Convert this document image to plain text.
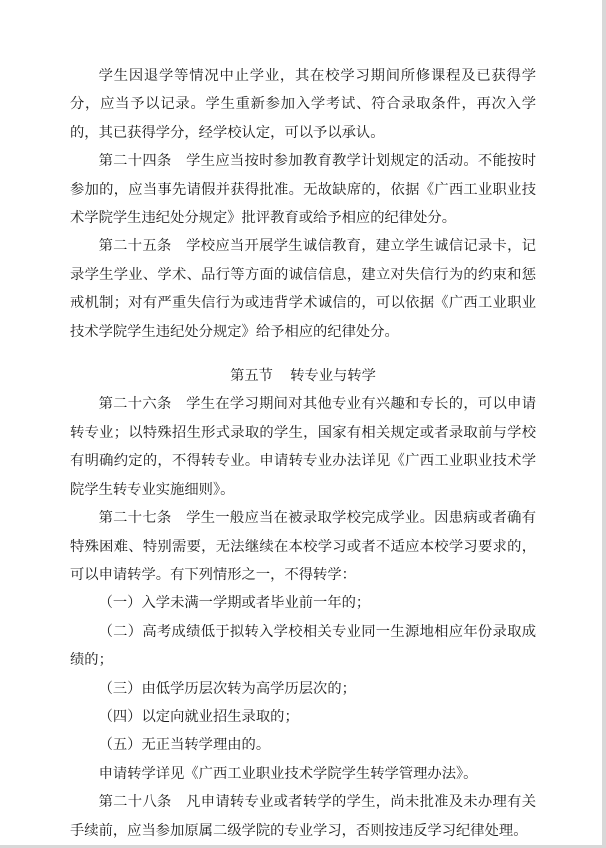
学生因退学等情况中止学业，其在校学习期间所修课程及已获得学分，应当予以记录。学生重新参加入学考试、符合录取条件，再次入学的，其已获得学分，经学校认定，可以予以承认。

第二十四条　学生应当按时参加教育教学计划规定的活动。不能按时参加的，应当事先请假并获得批准。无故缺席的，依据《广西工业职业技术学院学生违纪处分规定》批评教育或给予相应的纪律处分。

第二十五条　学校应当开展学生诚信教育，建立学生诚信记录卡，记录学生学业、学术、品行等方面的诚信信息，建立对失信行为的约束和惩戒机制；对有严重失信行为或违背学术诚信的，可以依据《广西工业职业技术学院学生违纪处分规定》给予相应的纪律处分。

第五节 转专业与转学

第二十六条　学生在学习期间对其他专业有兴趣和专长的，可以申请转专业；以特殊招生形式录取的学生，国家有相关规定或者录取前与学校有明确约定的，不得转专业。申请转专业办法详见《广西工业职业技术学院学生转专业实施细则》。

第二十七条　学生一般应当在被录取学校完成学业。因患病或者确有特殊困难、特别需要，无法继续在本校学习或者不适应本校学习要求的，可以申请转学。有下列情形之一，不得转学：

（一）入学未满一学期或者毕业前一年的；

（二）高考成绩低于拟转入学校相关专业同一生源地相应年份录取成绩的；

（三）由低学历层次转为高学历层次的；

（四）以定向就业招生录取的；

（五）无正当转学理由的。

申请转学详见《广西工业职业技术学院学生转学管理办法》。

第二十八条　凡申请转专业或者转学的学生，尚未批准及未办理有关手续前，应当参加原属二级学院的专业学习，否则按违反学习纪律处理。
